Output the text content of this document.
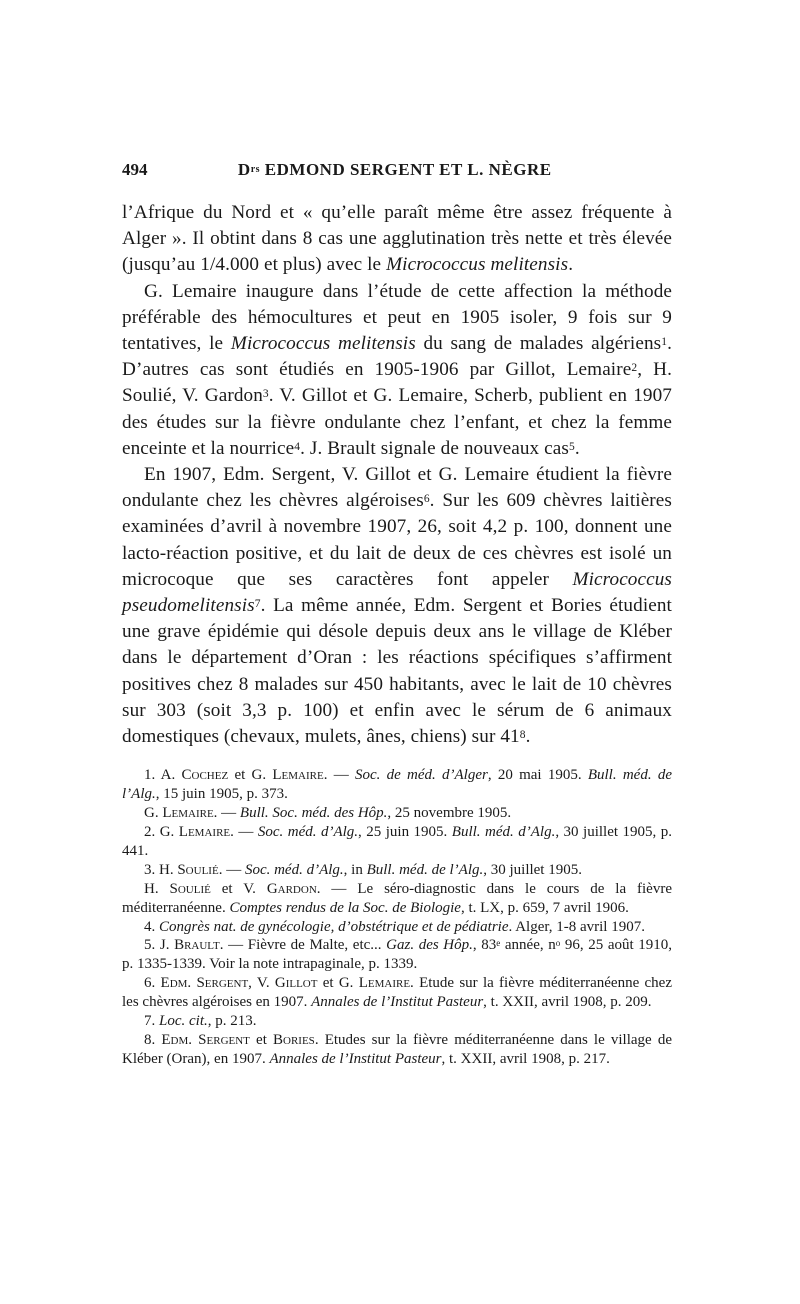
494	$D^{rs}$ EDMOND SERGENT ET L. NÈGRE

l’Afrique du Nord et « qu’elle paraît même être assez fréquente à Alger ». Il obtint dans 8 cas une agglutination très nette et très élevée (jusqu’au 1/4.000 et plus) avec le Micrococcus melitensis.

G. Lemaire inaugure dans l’étude de cette affection la méthode préférable des hémocultures et peut en 1905 isoler, 9 fois sur 9 tentatives, le Micrococcus melitensis du sang de malades algériens$^1$. D’autres cas sont étudiés en 1905-1906 par Gillot, Lemaire$^2$, H. Soulié, V. Gardon$^3$. V. Gillot et G. Lemaire, Scherb, publient en 1907 des études sur la fièvre ondulante chez l’enfant, et chez la femme enceinte et la nourrice$^4$. J. Brault signale de nouveaux cas$^5$.

En 1907, Edm. Sergent, V. Gillot et G. Lemaire étudient la fièvre ondulante chez les chèvres algéroises$^6$. Sur les 609 chèvres laitières examinées d’avril à novembre 1907, 26, soit 4,2 p. 100, donnent une lacto-réaction positive, et du lait de deux de ces chèvres est isolé un microcoque que ses caractères font appeler Micrococcus pseudomelitensis$^7$. La même année, Edm. Sergent et Bories étudient une grave épidémie qui désole depuis deux ans le village de Kléber dans le département d’Oran : les réactions spécifiques s’affirment positives chez 8 malades sur 450 habitants, avec le lait de 10 chèvres sur 303 (soit 3,3 p. 100) et enfin avec le sérum de 6 animaux domestiques (chevaux, mulets, ânes, chiens) sur $41^8$.

1. A. Cochez et G. Lemaire. — Soc. de méd. d’Alger, 20 mai 1905. Bull. méd. de l’Alg., 15 juin 1905, p. 373.

G. Lemaire. — Bull. Soc. méd. des Hôp., 25 novembre 1905.

2. G. Lemaire. — Soc. méd. d’Alg., 25 juin 1905. Bull. méd. d’Alg., 30 juillet 1905, p. 441.

3. H. Soulié. — Soc. méd. d’Alg., in Bull. méd. de l’Alg., 30 juillet 1905.

H. Soulié et V. Gardon. — Le séro-diagnostic dans le cours de la fièvre méditerranéenne. Comptes rendus de la Soc. de Biologie, t. LX, p. 659, 7 avril 1906.

4. Congrès nat. de gynécologie, d’obstétrique et de pédiatrie. Alger, 1-8 avril 1907.

5. J. Brault. — Fièvre de Malte, etc... Gaz. des Hôp., 83e année, $n^o$ 96, 25 août 1910, p. 1335-1339. Voir la note intrapaginale, p. 1339.

6. Edm. Sergent, V. Gillot et G. Lemaire. Etude sur la fièvre méditerranéenne chez les chèvres algéroises en 1907. Annales de l’Institut Pasteur, t. XXII, avril 1908, p. 209.

7. Loc. cit., p. 213.

8. Edm. Sergent et Bories. Etudes sur la fièvre méditerranéenne dans le village de Kléber (Oran), en 1907. Annales de l’Institut Pasteur, t. XXII, avril 1908, p. 217.
